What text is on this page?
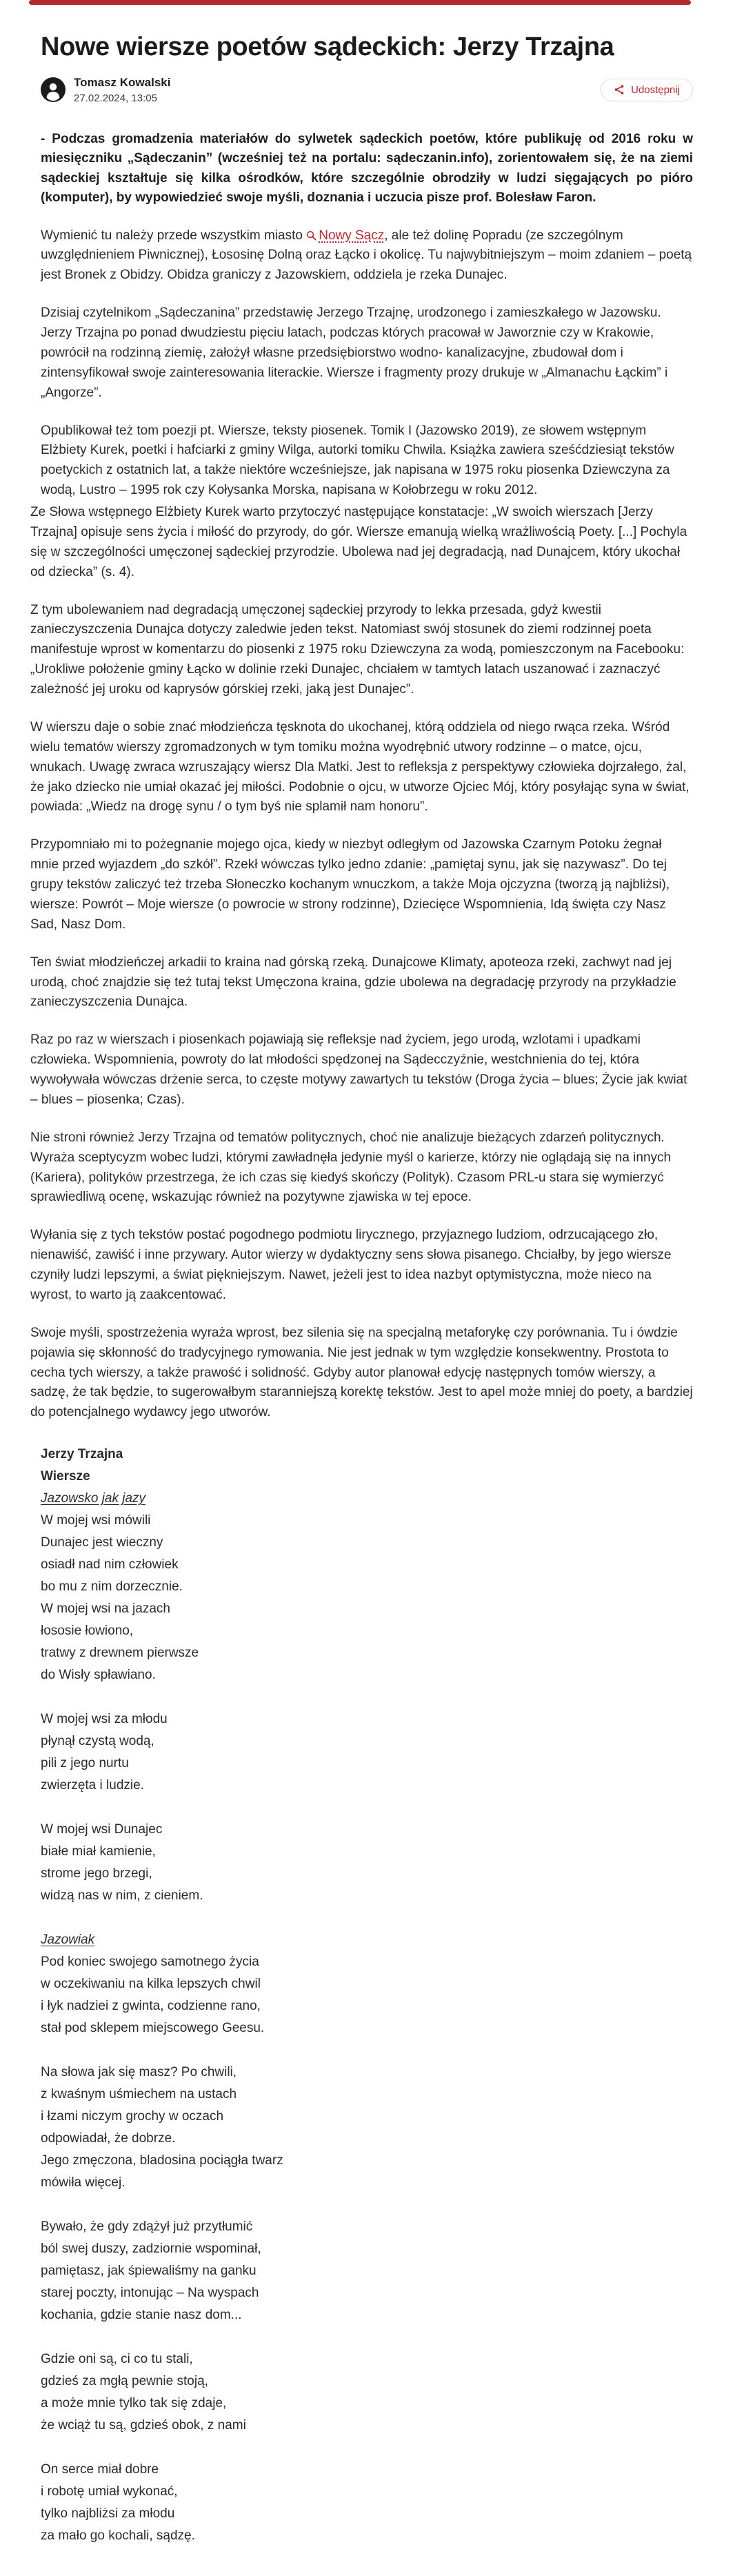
Nowe wiersze poetów sądeckich: Jerzy Trzajna
Tomasz Kowalski
27.02.2024, 13:05
Udostępnij

- Podczas gromadzenia materiałów do sylwetek sądeckich poetów, które publikuję od 2016 roku w miesięczniku „Sądeczanin” (wcześniej też na portalu: sądeczanin.info), zorientowałem się, że na ziemi sądeckiej kształtuje się kilka ośrodków, które szczególnie obrodziły w ludzi sięgających po pióro (komputer), by wypowiedzieć swoje myśli, doznania i uczucia pisze prof. Bolesław Faron.

Wymienić tu należy przede wszystkim miasto Nowy Sącz, ale też dolinę Popradu (ze szczególnym uwzględnieniem Piwnicznej), Łososinę Dolną oraz Łącko i okolicę. Tu najwybitniejszym – moim zdaniem – poetą jest Bronek z Obidzy. Obidza graniczy z Jazowskiem, oddziela je rzeka Dunajec.

Dzisiaj czytelnikom „Sądeczanina” przedstawię Jerzego Trzajnę, urodzonego i zamieszkałego w Jazowsku. Jerzy Trzajna po ponad dwudziestu pięciu latach, podczas których pracował w Jaworznie czy w Krakowie, powrócił na rodzinną ziemię, założył własne przedsiębiorstwo wodno- kanalizacyjne, zbudował dom i zintensyfikował swoje zainteresowania literackie. Wiersze i fragmenty prozy drukuje w „Almanachu Łąckim” i „Angorze”.

Opublikował też tom poezji pt. Wiersze, teksty piosenek. Tomik I (Jazowsko 2019), ze słowem wstępnym Elżbiety Kurek, poetki i hafciarki z gminy Wilga, autorki tomiku Chwila. Książka zawiera sześćdziesiąt tekstów poetyckich z ostatnich lat, a także niektóre wcześniejsze, jak napisana w 1975 roku piosenka Dziewczyna za wodą, Lustro – 1995 rok czy Kołysanka Morska, napisana w Kołobrzegu w roku 2012.

Ze Słowa wstępnego Elżbiety Kurek warto przytoczyć następujące konstatacje: „W swoich wierszach [Jerzy Trzajna] opisuje sens życia i miłość do przyrody, do gór. Wiersze emanują wielką wrażliwością Poety. [...] Pochyla się w szczególności umęczonej sądeckiej przyrodzie. Ubolewa nad jej degradacją, nad Dunajcem, który ukochał od dziecka” (s. 4).

Z tym ubolewaniem nad degradacją umęczonej sądeckiej przyrody to lekka przesada, gdyż kwestii zanieczyszczenia Dunajca dotyczy zaledwie jeden tekst. Natomiast swój stosunek do ziemi rodzinnej poeta manifestuje wprost w komentarzu do piosenki z 1975 roku Dziewczyna za wodą, pomieszczonym na Facebooku: „Urokliwe położenie gminy Łącko w dolinie rzeki Dunajec, chciałem w tamtych latach uszanować i zaznaczyć zależność jej uroku od kaprysów górskiej rzeki, jaką jest Dunajec”.

W wierszu daje o sobie znać młodzieńcza tęsknota do ukochanej, którą oddziela od niego rwąca rzeka. Wśród wielu tematów wierszy zgromadzonych w tym tomiku można wyodrębnić utwory rodzinne – o matce, ojcu, wnukach. Uwagę zwraca wzruszający wiersz Dla Matki. Jest to refleksja z perspektywy człowieka dojrzałego, żal, że jako dziecko nie umiał okazać jej miłości. Podobnie o ojcu, w utworze Ojciec Mój, który posyłając syna w świat, powiada: „Wiedz na drogę synu / o tym byś nie splamił nam honoru”.

Przypomniało mi to pożegnanie mojego ojca, kiedy w niezbyt odległym od Jazowska Czarnym Potoku żegnał mnie przed wyjazdem „do szkół”. Rzekł wówczas tylko jedno zdanie: „pamiętaj synu, jak się nazywasz”. Do tej grupy tekstów zaliczyć też trzeba Słoneczko kochanym wnuczkom, a także Moja ojczyzna (tworzą ją najbliżsi), wiersze: Powrót – Moje wiersze (o powrocie w strony rodzinne), Dziecięce Wspomnienia, Idą święta czy Nasz Sad, Nasz Dom.

Ten świat młodzieńczej arkadii to kraina nad górską rzeką. Dunajcowe Klimaty, apoteoza rzeki, zachwyt nad jej urodą, choć znajdzie się też tutaj tekst Umęczona kraina, gdzie ubolewa na degradację przyrody na przykładzie zanieczyszczenia Dunajca.

Raz po raz w wierszach i piosenkach pojawiają się refleksje nad życiem, jego urodą, wzlotami i upadkami człowieka. Wspomnienia, powroty do lat młodości spędzonej na Sądecczyźnie, westchnienia do tej, która wywoływała wówczas drżenie serca, to częste motywy zawartych tu tekstów (Droga życia – blues; Życie jak kwiat – blues – piosenka; Czas).

Nie stroni również Jerzy Trzajna od tematów politycznych, choć nie analizuje bieżących zdarzeń politycznych. Wyraża sceptycyzm wobec ludzi, którymi zawładnęła jedynie myśl o karierze, którzy nie oglądają się na innych (Kariera), polityków przestrzega, że ich czas się kiedyś skończy (Polityk). Czasom PRL-u stara się wymierzyć sprawiedliwą ocenę, wskazując również na pozytywne zjawiska w tej epoce.

Wyłania się z tych tekstów postać pogodnego podmiotu lirycznego, przyjaznego ludziom, odrzucającego zło, nienawiść, zawiść i inne przywary. Autor wierzy w dydaktyczny sens słowa pisanego. Chciałby, by jego wiersze czyniły ludzi lepszymi, a świat piękniejszym. Nawet, jeżeli jest to idea nazbyt optymistyczna, może nieco na wyrost, to warto ją zaakcentować.

Swoje myśli, spostrzeżenia wyraża wprost, bez silenia się na specjalną metaforykę czy porównania. Tu i ówdzie pojawia się skłonność do tradycyjnego rymowania. Nie jest jednak w tym względzie konsekwentny. Prostota to cecha tych wierszy, a także prawość i solidność. Gdyby autor planował edycję następnych tomów wierszy, a sadzę, że tak będzie, to sugerowałbym staranniejszą korektę tekstów. Jest to apel może mniej do poety, a bardziej do potencjalnego wydawcy jego utworów.

Jerzy Trzajna
Wiersze
Jazowsko jak jazy
W mojej wsi mówili
Dunajec jest wieczny
osiadł nad nim człowiek
bo mu z nim dorzecznie.
W mojej wsi na jazach
łososie łowiono,
tratwy z drewnem pierwsze
do Wisły spławiano.
W mojej wsi za młodu
płynął czystą wodą,
pili z jego nurtu
zwierzęta i ludzie.
W mojej wsi Dunajec
białe miał kamienie,
strome jego brzegi,
widzą nas w nim, z cieniem.
Jazowiak
Pod koniec swojego samotnego życia
w oczekiwaniu na kilka lepszych chwil
i łyk nadziei z gwinta, codzienne rano,
stał pod sklepem miejscowego Geesu.
Na słowa jak się masz? Po chwili,
z kwaśnym uśmiechem na ustach
i łzami niczym grochy w oczach
odpowiadał, że dobrze.
Jego zmęczona, bladosina pociągła twarz
mówiła więcej.
Bywało, że gdy zdążył już przytłumić
ból swej duszy, zadziornie wspominał,
pamiętasz, jak śpiewaliśmy na ganku
starej poczty, intonując – Na wyspach
kochania, gdzie stanie nasz dom...
Gdzie oni są, ci co tu stali,
gdzieś za mgłą pewnie stoją,
a może mnie tylko tak się zdaje,
że wciąż tu są, gdzieś obok, z nami
On serce miał dobre
i robotę umiał wykonać,
tylko najbliżsi za młodu
za mało go kochali, sądzę.
